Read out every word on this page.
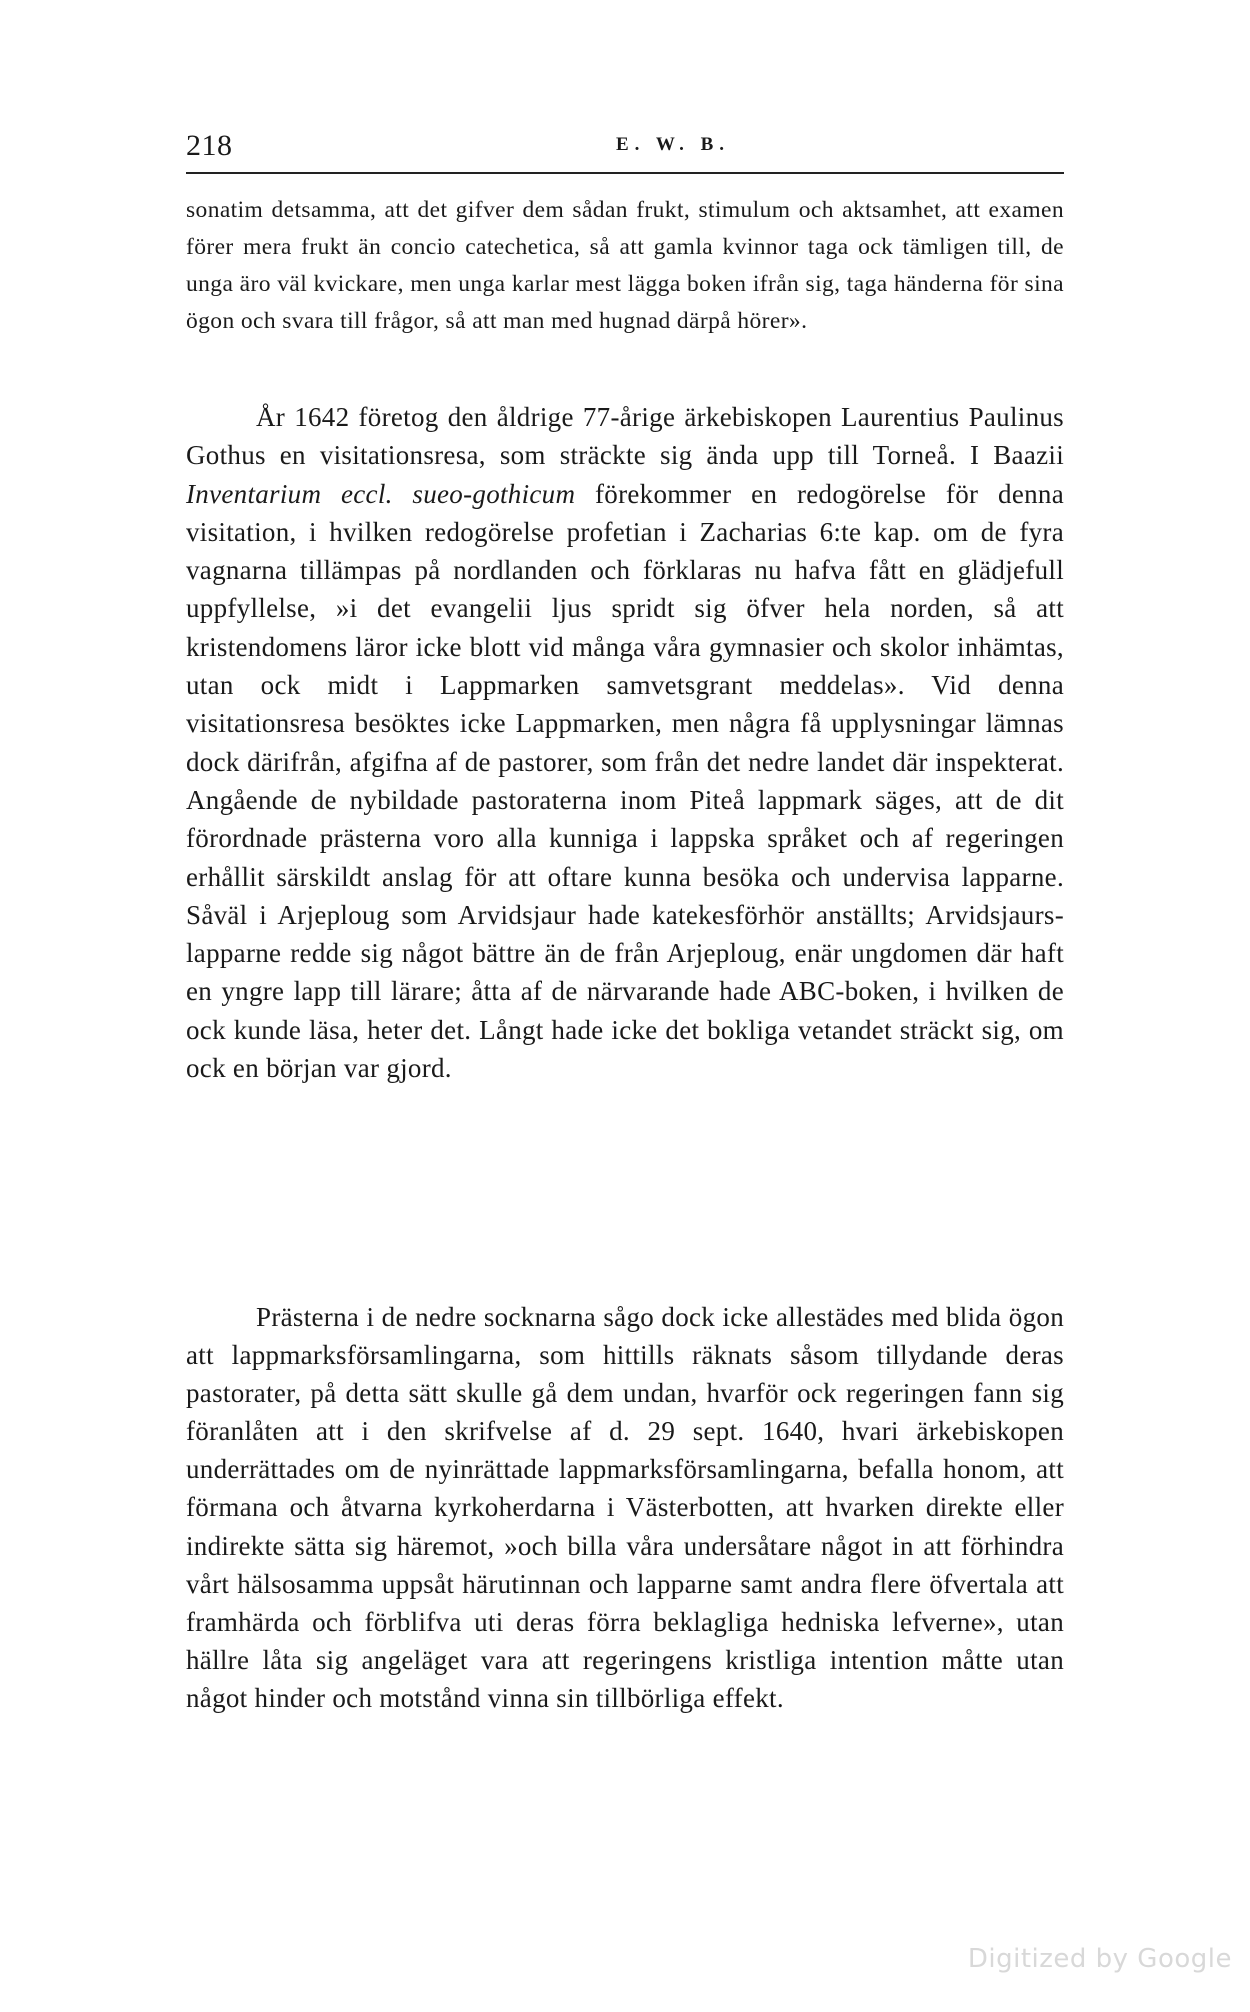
218	E. W. B.

sonatim detsamma, att det gifver dem sådan frukt, stimulum och aktsamhet, att examen förer mera frukt än concio catechetica, så att gamla kvinnor taga ock tämligen till, de unga äro väl kvickare, men unga karlar mest lägga boken ifrån sig, taga händerna för sina ögon och svara till frågor, så att man med hugnad därpå hörer».

År 1642 företog den åldrige 77-årige ärkebiskopen Laurentius Paulinus Gothus en visitationsresa, som sträckte sig ända upp till Torneå. I Baazii Inventarium eccl. sueo-gothicum förekommer en redogörelse för denna visitation, i hvilken redogörelse profetian i Zacharias 6:te kap. om de fyra vagnarna tillämpas på nordlanden och förklaras nu hafva fått en glädjefull uppfyllelse, »i det evangelii ljus spridt sig öfver hela norden, så att kristendomens läror icke blott vid många våra gymnasier och skolor inhämtas, utan ock midt i Lappmarken samvetsgrant meddelas». Vid denna visitationsresa besöktes icke Lappmarken, men några få upplysningar lämnas dock därifrån, afgifna af de pastorer, som från det nedre landet där inspekterat. Angående de nybildade pastoraterna inom Piteå lappmark säges, att de dit förordnade prästerna voro alla kunniga i lappska språket och af regeringen erhållit särskildt anslag för att oftare kunna besöka och undervisa lapparne. Såväl i Arjeploug som Arvidsjaur hade katekesförhör anställts; Arvidsjaurs-lapparne redde sig något bättre än de från Arjeploug, enär ungdomen där haft en yngre lapp till lärare; åtta af de närvarande hade ABC-boken, i hvilken de ock kunde läsa, heter det. Långt hade icke det bokliga vetandet sträckt sig, om ock en början var gjord.

Prästerna i de nedre socknarna sågo dock icke allestädes med blida ögon att lappmarksförsamlingarna, som hittills räknats såsom tillydande deras pastorater, på detta sätt skulle gå dem undan, hvarför ock regeringen fann sig föranlåten att i den skrifvelse af d. 29 sept. 1640, hvari ärkebiskopen underrättades om de nyinrättade lappmarksförsamlingarna, befalla honom, att förmana och åtvarna kyrkoherdarna i Västerbotten, att hvarken direkte eller indirekte sätta sig häremot, »och billa våra undersåtare något in att förhindra vårt hälsosamma uppsåt härutinnan och lapparne samt andra flere öfvertala att framhärda och förblifva uti deras förra beklagliga hedniska lefverne», utan hällre låta sig angeläget vara att regeringens kristliga intention måtte utan något hinder och motstånd vinna sin tillbörliga effekt.

Digitized by Google
